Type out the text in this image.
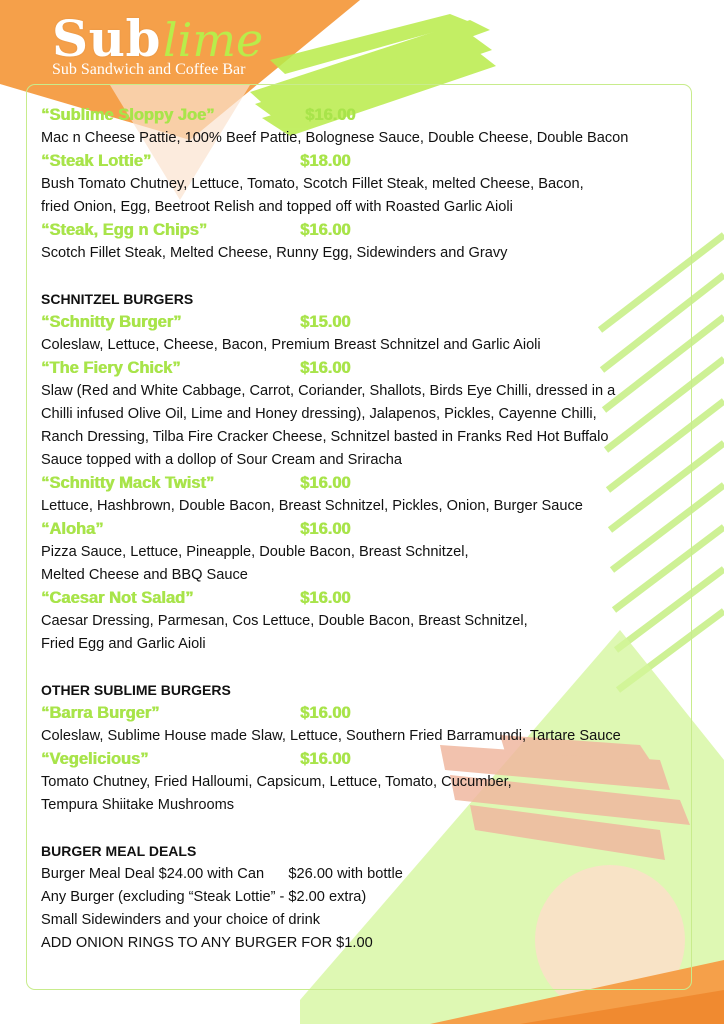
Sublime
Sub Sandwich and Coffee Bar
“Sublime Sloppy Joe”	$16.00
Mac n Cheese Pattie, 100% Beef Pattie, Bolognese Sauce, Double Cheese, Double Bacon
“Steak Lottie”	$18.00
Bush Tomato Chutney, Lettuce, Tomato, Scotch Fillet Steak, melted Cheese, Bacon,
fried Onion, Egg, Beetroot Relish and topped off with Roasted Garlic Aioli
“Steak, Egg n Chips”	$16.00
Scotch Fillet Steak, Melted Cheese, Runny Egg, Sidewinders and Gravy
SCHNITZEL BURGERS
“Schnitty Burger”	$15.00
Coleslaw, Lettuce, Cheese, Bacon, Premium Breast Schnitzel and Garlic Aioli
“The Fiery Chick”	$16.00
Slaw (Red and White Cabbage, Carrot, Coriander, Shallots, Birds Eye Chilli, dressed in a
Chilli infused Olive Oil, Lime and Honey dressing), Jalapenos, Pickles, Cayenne Chilli,
Ranch Dressing, Tilba Fire Cracker Cheese, Schnitzel basted in Franks Red Hot Buffalo
Sauce topped with a dollop of Sour Cream and Sriracha
“Schnitty Mack Twist”	$16.00
Lettuce, Hashbrown, Double Bacon, Breast Schnitzel, Pickles, Onion, Burger Sauce
“Aloha”	$16.00
Pizza Sauce, Lettuce, Pineapple, Double Bacon, Breast Schnitzel,
Melted Cheese and BBQ Sauce
“Caesar Not Salad”	$16.00
Caesar Dressing, Parmesan, Cos Lettuce, Double Bacon, Breast Schnitzel,
Fried Egg and Garlic Aioli
OTHER SUBLIME BURGERS
“Barra Burger”	$16.00
Coleslaw, Sublime House made Slaw, Lettuce, Southern Fried Barramundi, Tartare Sauce
“Vegelicious”	$16.00
Tomato Chutney, Fried Halloumi, Capsicum, Lettuce, Tomato, Cucumber,
Tempura Shiitake Mushrooms
BURGER MEAL DEALS
Burger Meal Deal $24.00 with Can      $26.00 with bottle
Any Burger (excluding “Steak Lottie” - $2.00 extra)
Small Sidewinders and your choice of drink
ADD ONION RINGS TO ANY BURGER FOR $1.00
